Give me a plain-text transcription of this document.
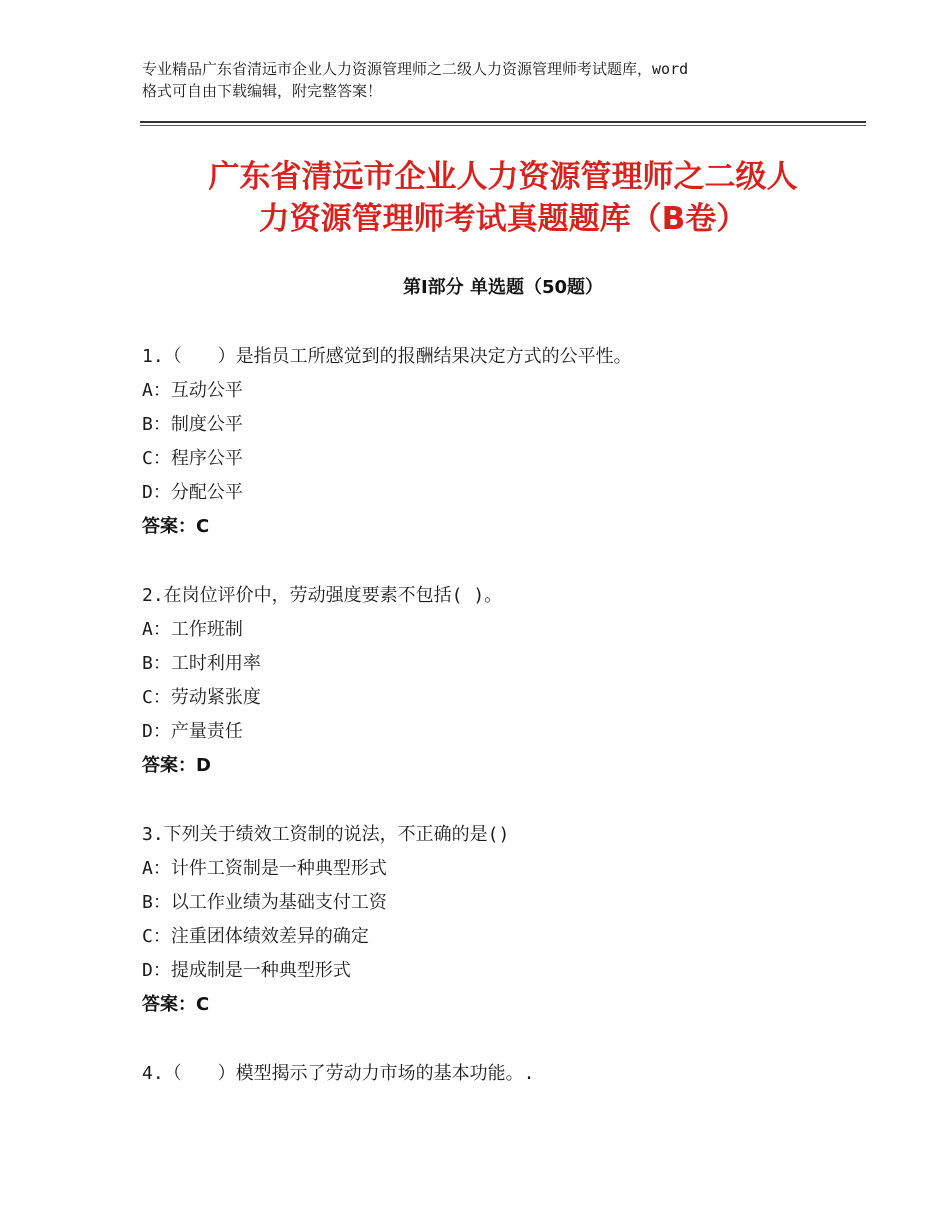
专业精品广东省清远市企业人力资源管理师之二级人力资源管理师考试题库，word
格式可自由下载编辑，附完整答案！
广东省清远市企业人力资源管理师之二级人
力资源管理师考试真题题库（B卷）
第Ⅰ部分 单选题（50题）
1.（　　）是指员工所感觉到的报酬结果决定方式的公平性。
A：互动公平
B：制度公平
C：程序公平
D：分配公平
答案：C
2.在岗位评价中，劳动强度要素不包括( )。
A：工作班制
B：工时利用率
C：劳动紧张度
D：产量责任
答案：D
3.下列关于绩效工资制的说法，不正确的是()
A：计件工资制是一种典型形式
B：以工作业绩为基础支付工资
C：注重团体绩效差异的确定
D：提成制是一种典型形式
答案：C
4.（　　）模型揭示了劳动力市场的基本功能。.
